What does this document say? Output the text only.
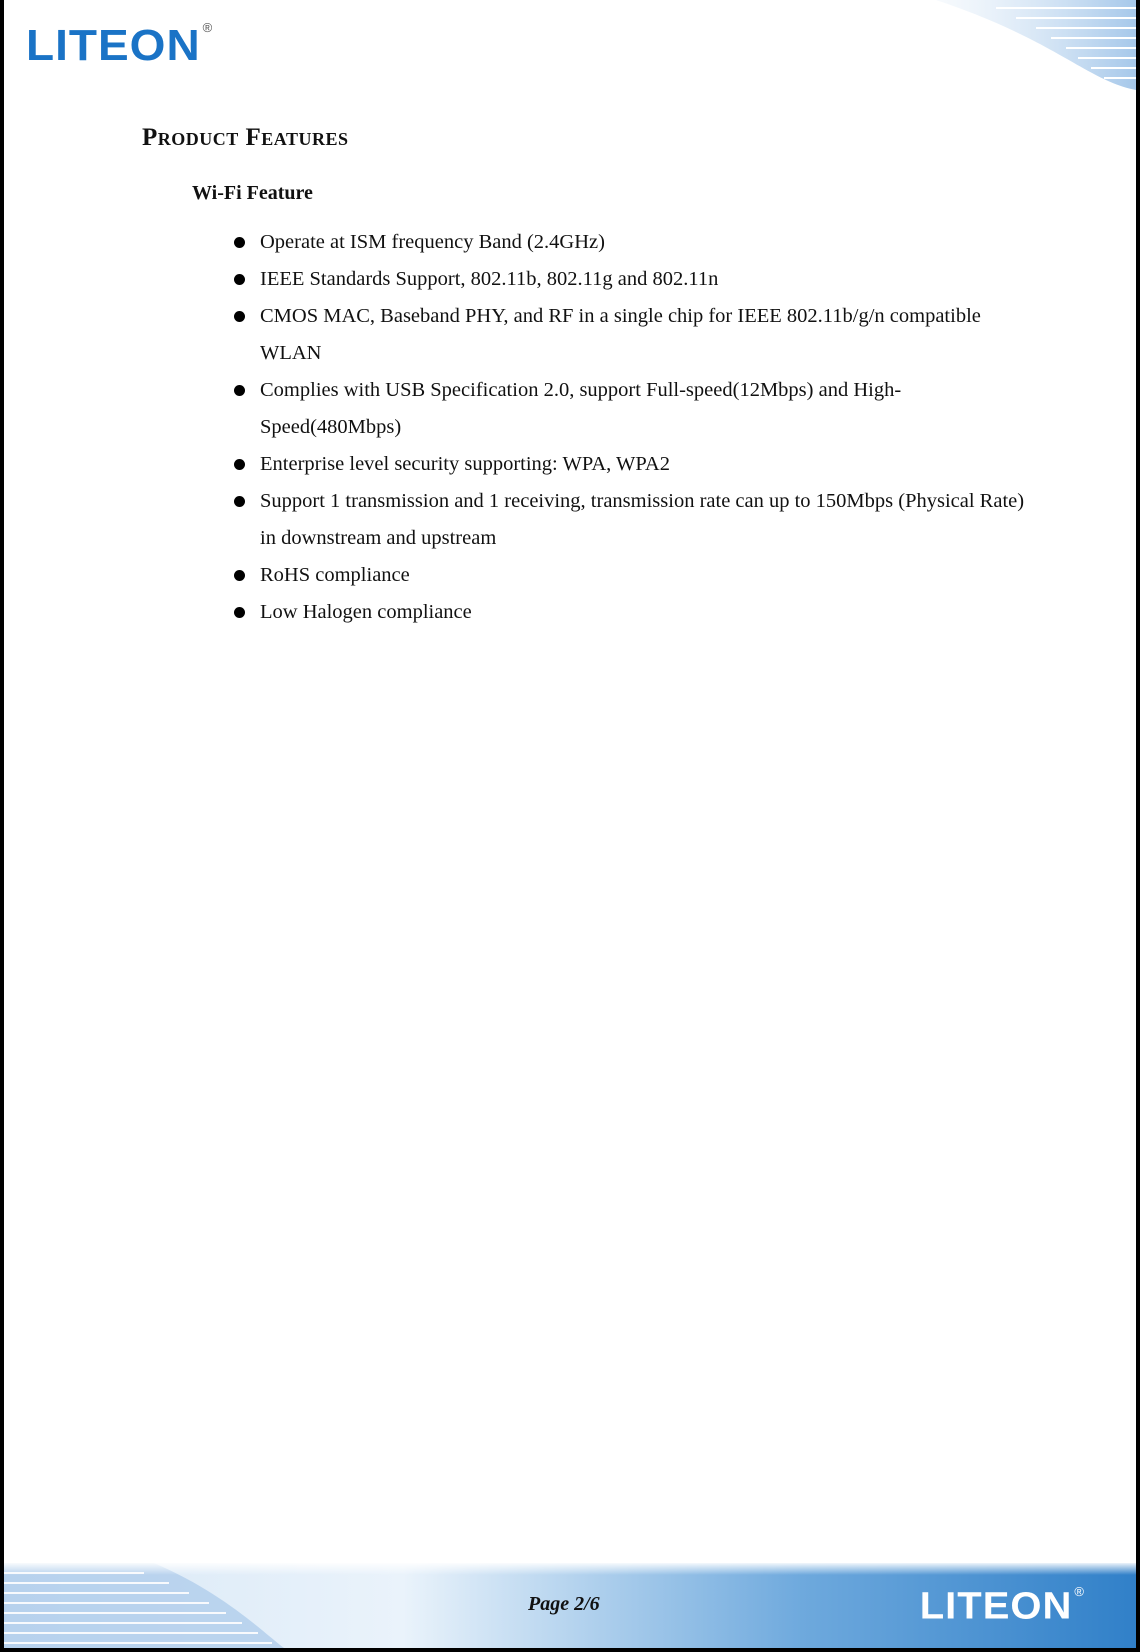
LITEON ®
Product Features
Wi-Fi Feature
Operate at ISM frequency Band (2.4GHz)
IEEE Standards Support, 802.11b, 802.11g and 802.11n
CMOS MAC, Baseband PHY, and RF in a single chip for IEEE 802.11b/g/n compatible WLAN
Complies with USB Specification 2.0, support Full-speed(12Mbps) and High-Speed(480Mbps)
Enterprise level security supporting: WPA, WPA2
Support 1 transmission and 1 receiving, transmission rate can up to 150Mbps (Physical Rate) in downstream and upstream
RoHS compliance
Low Halogen compliance
Page 2/6	LITEON ®
